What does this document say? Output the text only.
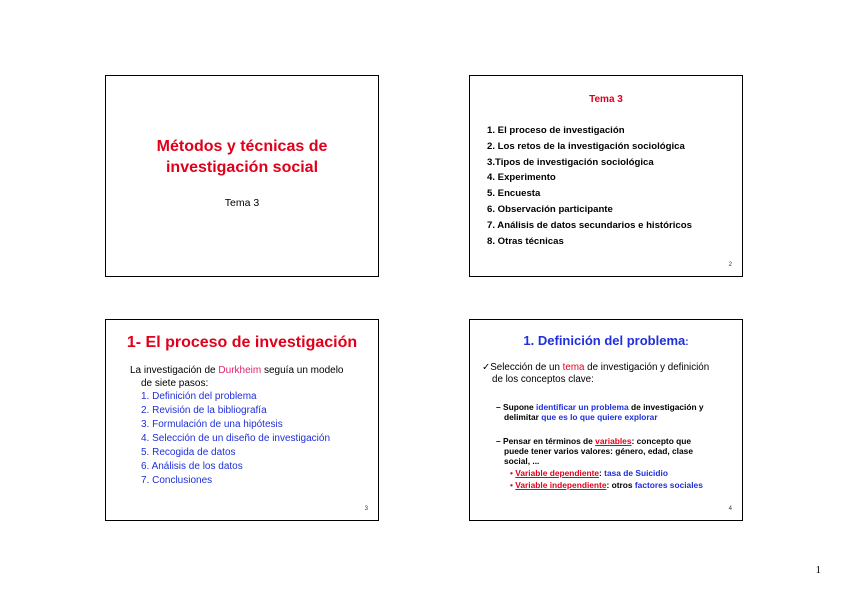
Métodos y técnicas de
investigación social
Tema 3
Tema 3
1. El proceso de investigación
2. Los retos de la investigación sociológica
3.Tipos de investigación sociológica
4. Experimento
5. Encuesta
6. Observación participante
7. Análisis de datos secundarios e históricos
8. Otras técnicas
2
1- El proceso de investigación
La investigación de Durkheim seguía un modelo
de siete pasos:
1. Definición del problema
2. Revisión de la bibliografía
3. Formulación de una hipótesis
4. Selección de un diseño de investigación
5. Recogida de datos
6. Análisis de los datos
7. Conclusiones
3
1. Definición del problema:
✓Selección de un tema de investigación y definición
de los conceptos clave:
– Supone identificar un problema de investigación y
delimitar que es lo que quiere explorar
– Pensar en términos de variables: concepto que
puede tener varios valores: género, edad, clase
social, ...
• Variable dependiente: tasa de Suicidio
• Variable independiente: otros factores sociales
4
1
